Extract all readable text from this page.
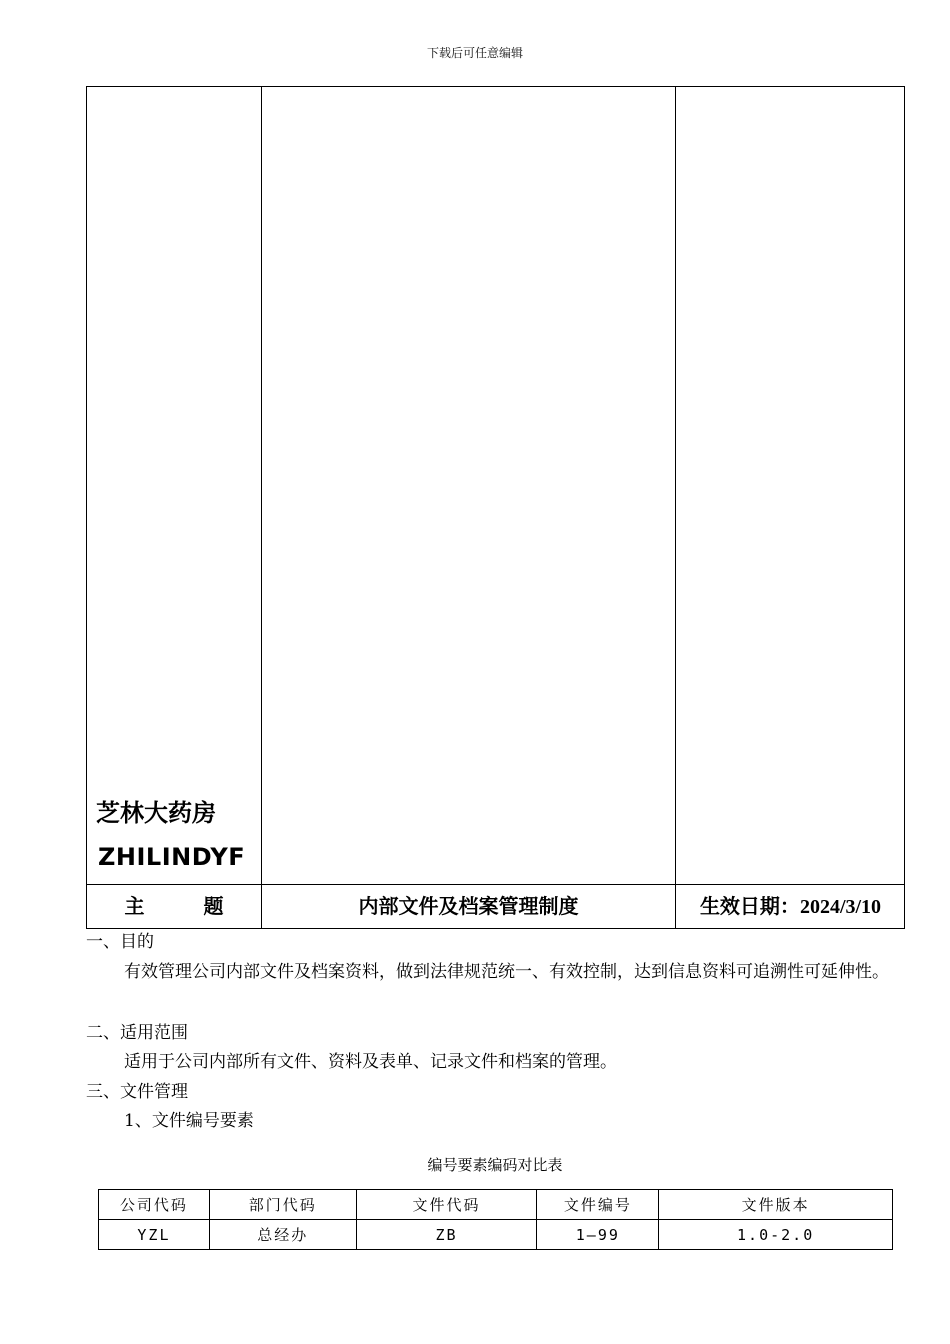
下载后可任意编辑
芝林大药房
ZHILINDYF
主 题	内部文件及档案管理制度	生效日期：2024/3/10
一、目的
有效管理公司内部文件及档案资料，做到法律规范统一、有效控制，达到信息资料可追溯性可延伸性。
二、适用范围
适用于公司内部所有文件、资料及表单、记录文件和档案的管理。
三、文件管理
1、文件编号要素
编号要素编码对比表
公司代码	部门代码	文件代码	文件编号	文件版本
YZL	总经办	ZB	1—99	1.0-2.0
